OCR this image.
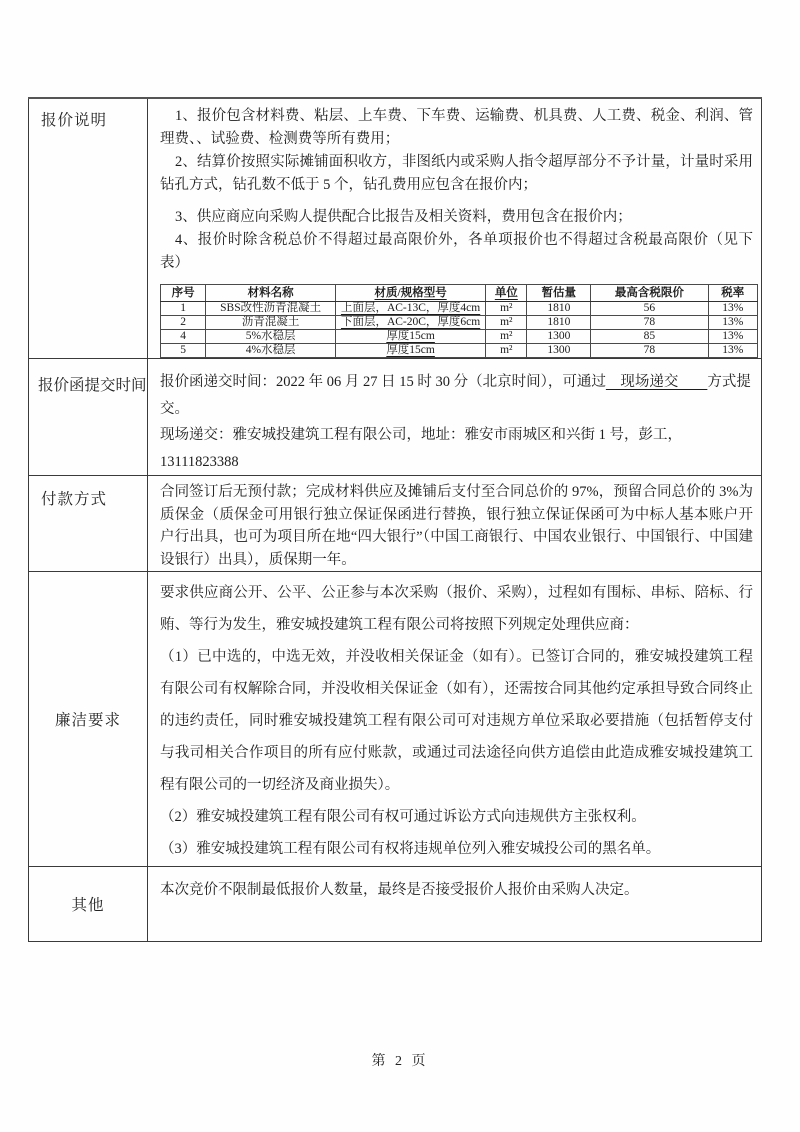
报价说明	1、报价包含材料费、粘层、上车费、下车费、运输费、机具费、人工费、税金、利润、管理费、、试验费、检测费等所有费用；

2、结算价按照实际摊铺面积收方，非图纸内或采购人指令超厚部分不予计量，计量时采用钻孔方式，钻孔数不低于 5 个，钻孔费用应包含在报价内；

3、供应商应向采购人提供配合比报告及相关资料，费用包含在报价内；

4、报价时除含税总价不得超过最高限价外，各单项报价也不得超过含税最高限价（见下表）

序号	材料名称	材质/规格型号	单位	暂估量	最高含税限价	税率
1	SBS改性沥青混凝土	上面层，AC-13C，厚度4cm	m²	1810	56	13%
2	沥青混凝土	下面层，AC-20C，厚度6cm	m²	1810	78	13%
4	5%水稳层	厚度15cm	m²	1300	85	13%
5	4%水稳层	厚度15cm	m²	1300	78	13%

报价函提交时间	报价函递交时间：2022 年 06 月 27 日 15 时 30 分（北京时间），可通过　现场递交　　方式提交。

现场递交：雅安城投建筑工程有限公司，地址：雅安市雨城区和兴街 1 号，彭工，13111823388

付款方式	合同签订后无预付款；完成材料供应及摊铺后支付至合同总价的 97%，预留合同总价的 3%为质保金（质保金可用银行独立保证保函进行替换，银行独立保证保函可为中标人基本账户开户行出具，也可为项目所在地“四大银行”（中国工商银行、中国农业银行、中国银行、中国建设银行）出具），质保期一年。

廉洁要求	

要求供应商公开、公平、公正参与本次采购（报价、采购），过程如有围标、串标、陪标、行贿、等行为发生，雅安城投建筑工程有限公司将按照下列规定处理供应商：

（1）已中选的，中选无效，并没收相关保证金（如有）。已签订合同的，雅安城投建筑工程有限公司有权解除合同，并没收相关保证金（如有），还需按合同其他约定承担导致合同终止的违约责任，同时雅安城投建筑工程有限公司可对违规方单位采取必要措施（包括暂停支付与我司相关合作项目的所有应付账款，或通过司法途径向供方追偿由此造成雅安城投建筑工程有限公司的一切经济及商业损失）。

（2）雅安城投建筑工程有限公司有权可通过诉讼方式向违规供方主张权利。

（3）雅安城投建筑工程有限公司有权将违规单位列入雅安城投公司的黑名单。

其他	
本次竞价不限制最低报价人数量，最终是否接受报价人报价由采购人决定。
第 2 页
